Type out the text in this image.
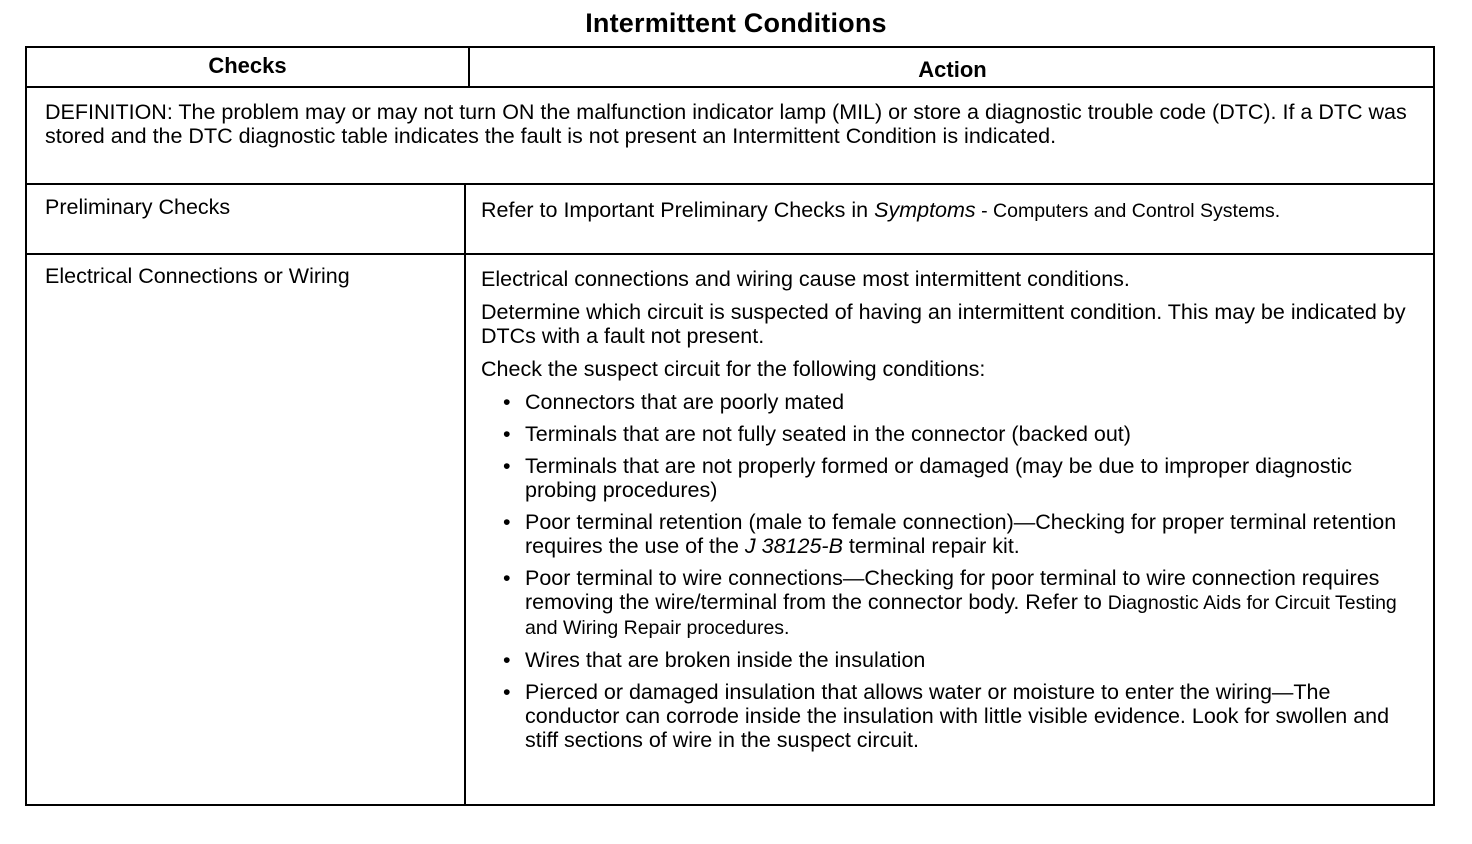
Intermittent Conditions
Checks	Action
DEFINITION: The problem may or may not turn ON the malfunction indicator lamp (MIL) or store a diagnostic trouble code (DTC). If a DTC was stored and the DTC diagnostic table indicates the fault is not present an Intermittent Condition is indicated.
Preliminary Checks	Refer to Important Preliminary Checks in Symptoms - Computers and Control Systems.
Electrical Connections or Wiring	Electrical connections and wiring cause most intermittent conditions.

Determine which circuit is suspected of having an intermittent condition. This may be indicated by DTCs with a fault not present.

Check the suspect circuit for the following conditions:

• Connectors that are poorly mated
• Terminals that are not fully seated in the connector (backed out)
• Terminals that are not properly formed or damaged (may be due to improper diagnostic probing procedures)
• Poor terminal retention (male to female connection)—Checking for proper terminal retention requires the use of the J 38125-B terminal repair kit.
• Poor terminal to wire connections—Checking for poor terminal to wire connection requires removing the wire/terminal from the connector body. Refer to Diagnostic Aids for Circuit Testing and Wiring Repair procedures.
• Wires that are broken inside the insulation
• Pierced or damaged insulation that allows water or moisture to enter the wiring—The conductor can corrode inside the insulation with little visible evidence. Look for swollen and stiff sections of wire in the suspect circuit.
